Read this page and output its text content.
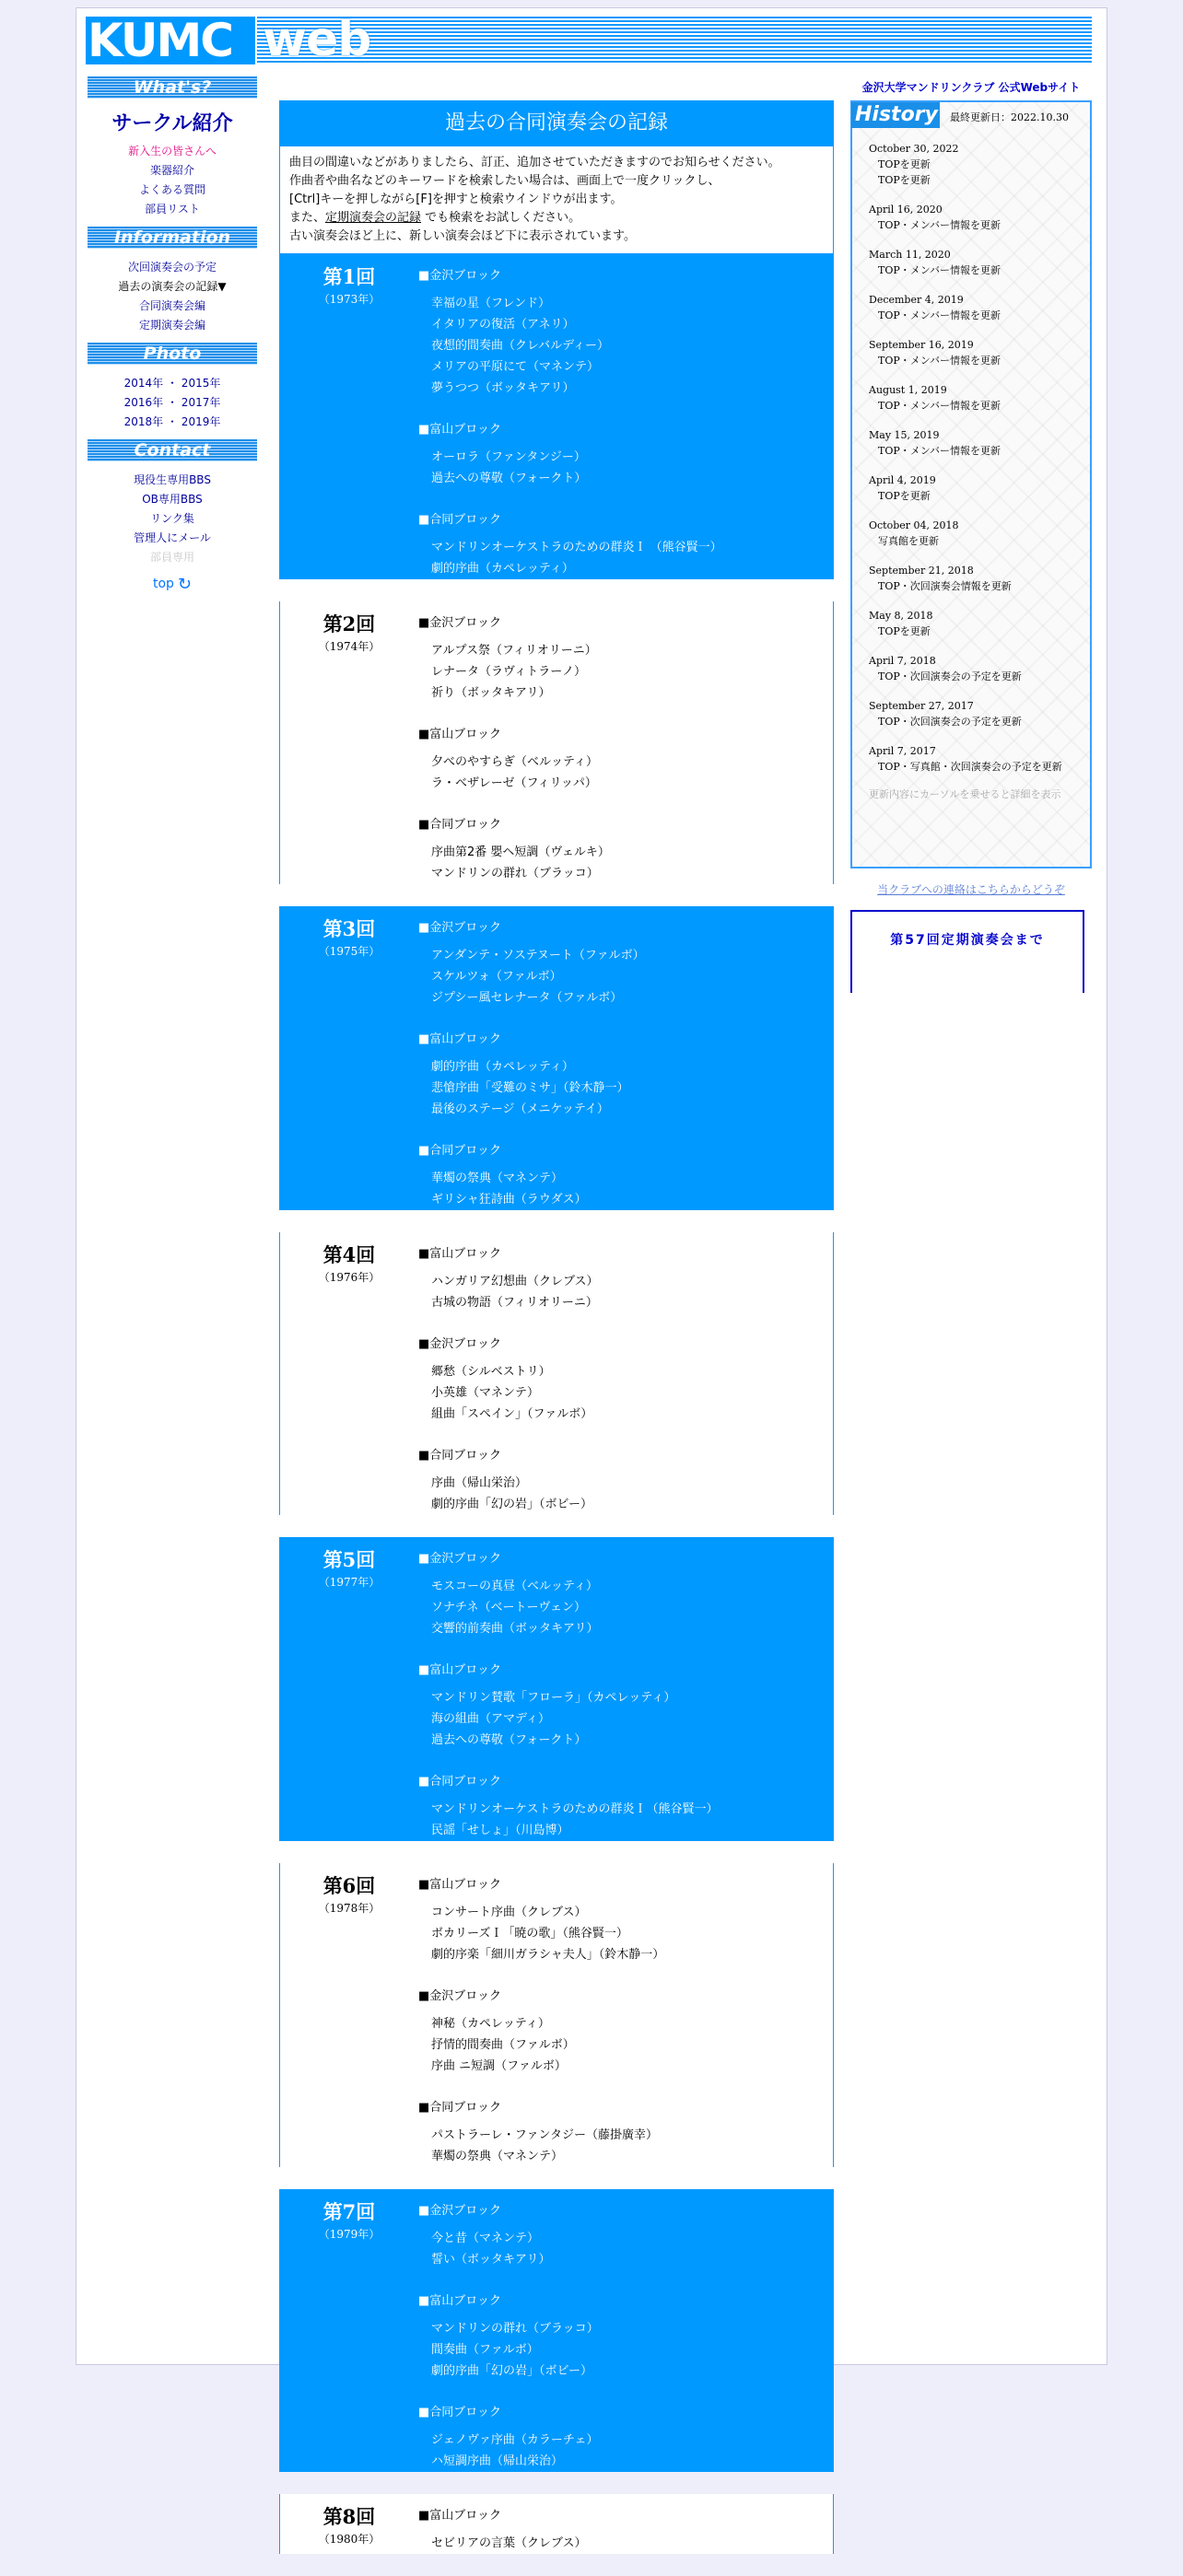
KUMC web
What's?
サークル紹介
新入生の皆さんへ
楽器紹介
よくある質問
部員リスト
Information
次回演奏会の予定
過去の演奏会の記録▼
合同演奏会編
定期演奏会編
Photo
2014年 ・ 2015年
2016年 ・ 2017年
2018年 ・ 2019年
Contact
現役生専用BBS
OB専用BBS
リンク集
管理人にメール
部員専用
top ↻
過去の合同演奏会の記録
曲目の間違いなどがありましたら、訂正、追加させていただきますのでお知らせください。
作曲者や曲名などのキーワードを検索したい場合は、画面上で一度クリックし、
[Ctrl]キーを押しながら[F]を押すと検索ウインドウが出ます。
また、定期演奏会の記録 でも検索をお試しください。
古い演奏会ほど上に、新しい演奏会ほど下に表示されています。
第1回
（1973年）
■金沢ブロック
幸福の星（フレンド）
イタリアの復活（アネリ）
夜想的間奏曲（クレバルディー）
メリアの平原にて（マネンテ）
夢うつつ（ボッタキアリ）
■富山ブロック
オーロラ（ファンタンジー）
過去への尊敬（フォークト）
■合同ブロック
マンドリンオーケストラのための群炎Ｉ （熊谷賢一）
劇的序曲（カペレッティ）
第2回
（1974年）
■金沢ブロック
アルプス祭（フィリオリーニ）
レナータ（ラヴィトラーノ）
祈り（ボッタキアリ）
■富山ブロック
夕べのやすらぎ（ベルッティ）
ラ・ベザレーゼ（フィリッパ）
■合同ブロック
序曲第2番 嬰ヘ短調（ヴェルキ）
マンドリンの群れ（ブラッコ）
第3回
（1975年）
■金沢ブロック
アンダンテ・ソステヌート（ファルボ）
スケルツォ（ファルボ）
ジプシー風セレナータ（ファルボ）
■富山ブロック
劇的序曲（カペレッティ）
悲愴序曲「受難のミサ」（鈴木静一）
最後のステージ（メニケッテイ）
■合同ブロック
華燭の祭典（マネンテ）
ギリシャ狂詩曲（ラウダス）
第4回
（1976年）
■富山ブロック
ハンガリア幻想曲（クレブス）
古城の物語（フィリオリーニ）
■金沢ブロック
郷愁（シルベストリ）
小英雄（マネンテ）
組曲「スペイン」（ファルボ）
■合同ブロック
序曲（帰山栄治）
劇的序曲「幻の岩」（ボビー）
第5回
（1977年）
■金沢ブロック
モスコーの真昼（ベルッティ）
ソナチネ（ベートーヴェン）
交響的前奏曲（ボッタキアリ）
■富山ブロック
マンドリン賛歌「フローラ」（カペレッティ）
海の組曲（アマディ）
過去への尊敬（フォークト）
■合同ブロック
マンドリンオーケストラのための群炎Ｉ（熊谷賢一）
民謡「せしょ」（川島博）
第6回
（1978年）
■富山ブロック
コンサート序曲（クレブス）
ボカリーズＩ「暁の歌」（熊谷賢一）
劇的序楽「細川ガラシャ夫人」（鈴木静一）
■金沢ブロック
神秘（カペレッティ）
抒情的間奏曲（ファルボ）
序曲 ニ短調（ファルボ）
■合同ブロック
パストラーレ・ファンタジー（藤掛廣幸）
華燭の祭典（マネンテ）
第7回
（1979年）
■金沢ブロック
今と昔（マネンテ）
誓い（ボッタキアリ）
■富山ブロック
マンドリンの群れ（ブラッコ）
間奏曲（ファルボ）
劇的序曲「幻の岩」（ボビー）
■合同ブロック
ジェノヴァ序曲（カラーチェ）
ハ短調序曲（帰山栄治）
第8回
（1980年）
■富山ブロック
セビリアの言葉（クレブス）
金沢大学マンドリンクラブ 公式Webサイト
History 最終更新日：2022.10.30
October 30, 2022
TOPを更新
TOPを更新
April 16, 2020
TOP・メンバー情報を更新
March 11, 2020
TOP・メンバー情報を更新
December 4, 2019
TOP・メンバー情報を更新
September 16, 2019
TOP・メンバー情報を更新
August 1, 2019
TOP・メンバー情報を更新
May 15, 2019
TOP・メンバー情報を更新
April 4, 2019
TOPを更新
October 04, 2018
写真館を更新
September 21, 2018
TOP・次回演奏会情報を更新
May 8, 2018
TOPを更新
April 7, 2018
TOP・次回演奏会の予定を更新
September 27, 2017
TOP・次回演奏会の予定を更新
April 7, 2017
TOP・写真館・次回演奏会の予定を更新
更新内容にカーソルを乗せると詳細を表示
当クラブへの連絡はこちらからどうぞ
第57回定期演奏会まで
